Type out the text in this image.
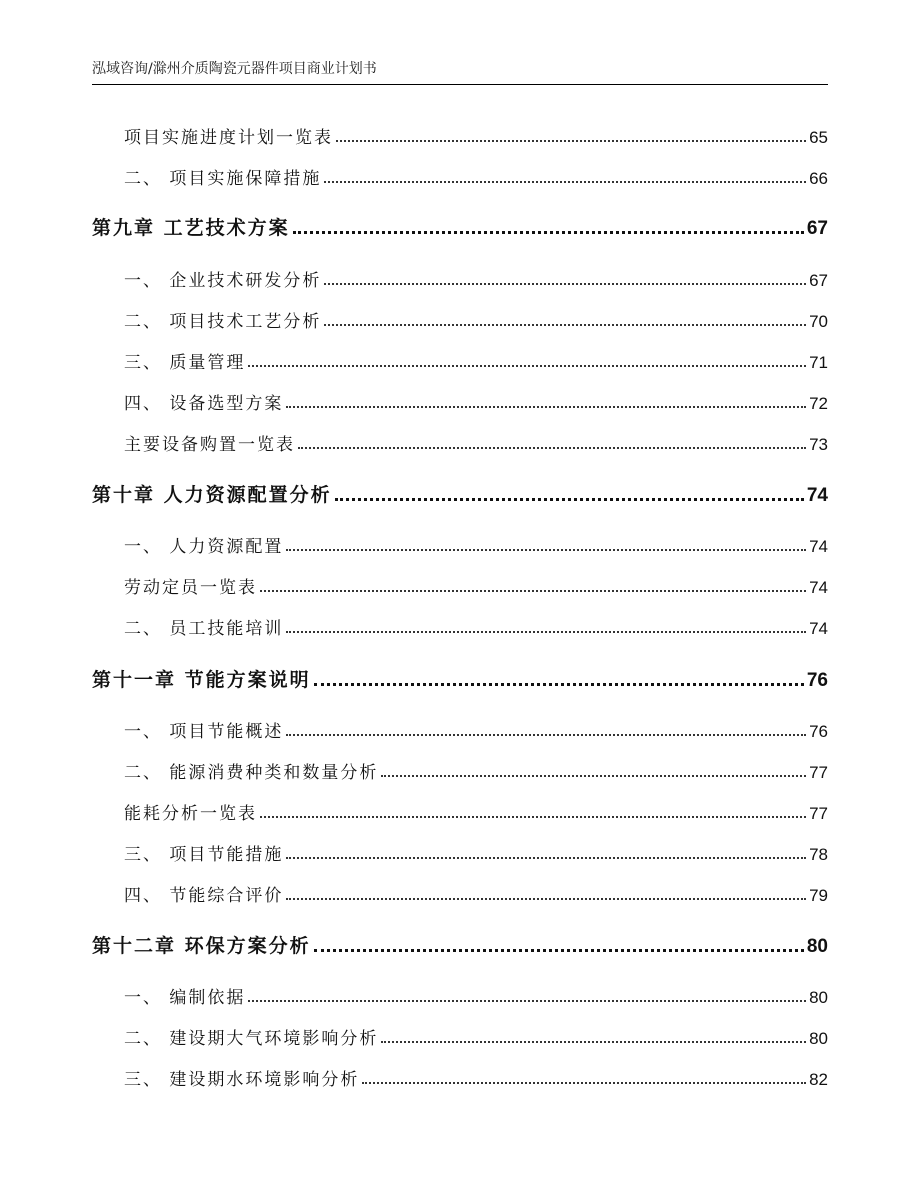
泓域咨询/滁州介质陶瓷元器件项目商业计划书
项目实施进度计划一览表	65
二、 项目实施保障措施	66
第九章 工艺技术方案	67
一、 企业技术研发分析	67
二、 项目技术工艺分析	70
三、 质量管理	71
四、 设备选型方案	72
主要设备购置一览表	73
第十章 人力资源配置分析	74
一、 人力资源配置	74
劳动定员一览表	74
二、 员工技能培训	74
第十一章 节能方案说明	76
一、 项目节能概述	76
二、 能源消费种类和数量分析	77
能耗分析一览表	77
三、 项目节能措施	78
四、 节能综合评价	79
第十二章 环保方案分析	80
一、 编制依据	80
二、 建设期大气环境影响分析	80
三、 建设期水环境影响分析	82
